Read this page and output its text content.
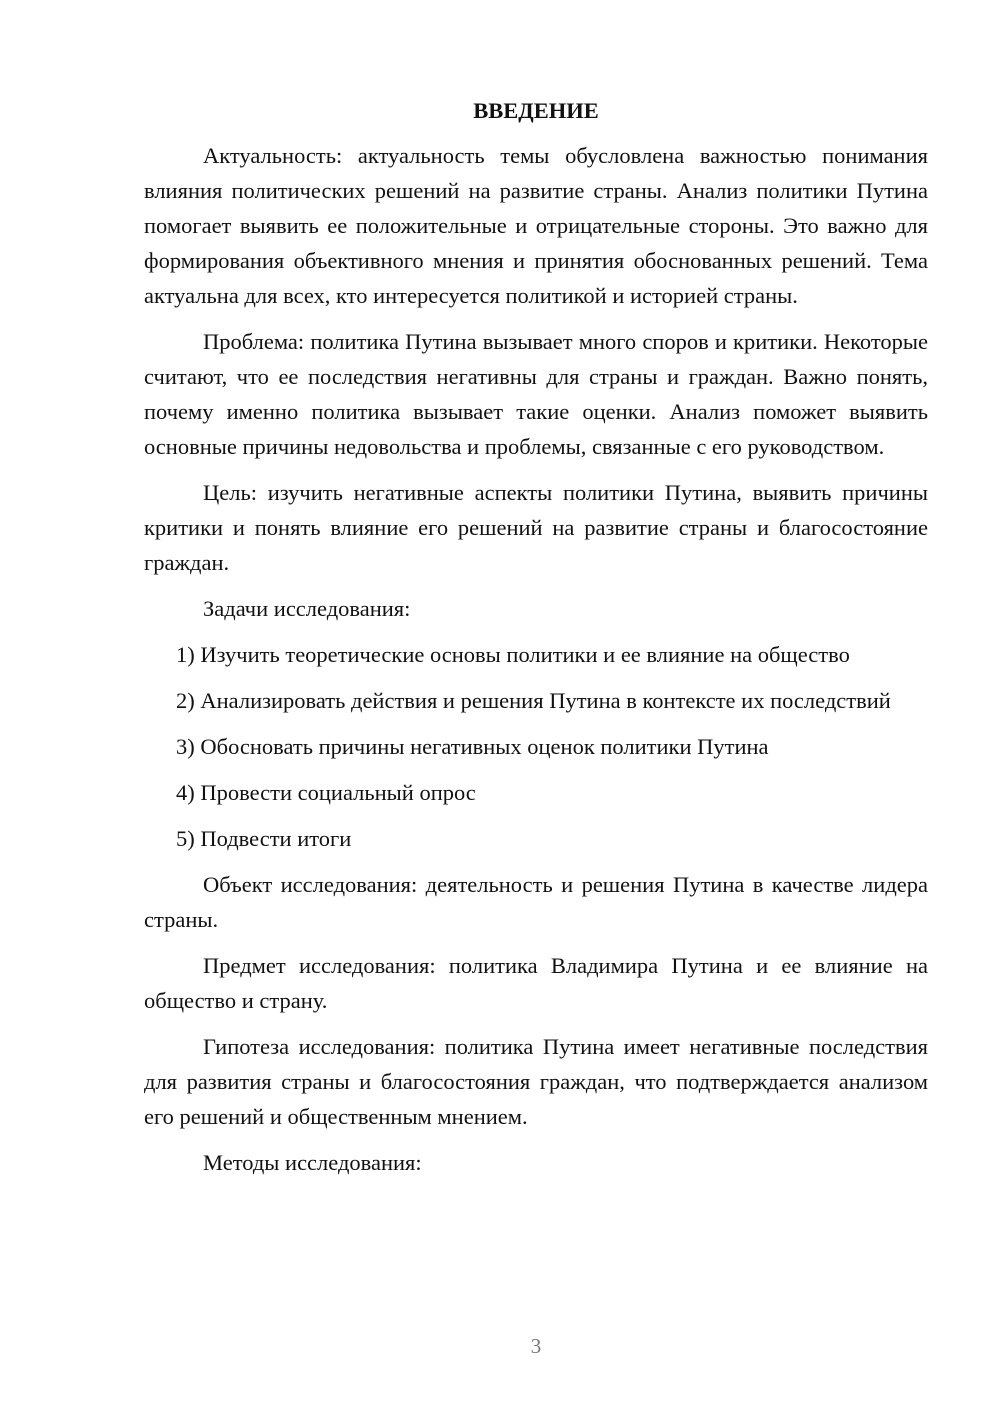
ВВЕДЕНИЕ

Актуальность: актуальность темы обусловлена важностью понимания влияния политических решений на развитие страны. Анализ политики Путина помогает выявить ее положительные и отрицательные стороны. Это важно для формирования объективного мнения и принятия обоснованных решений. Тема актуальна для всех, кто интересуется политикой и историей страны.

Проблема: политика Путина вызывает много споров и критики. Некоторые считают, что ее последствия негативны для страны и граждан. Важно понять, почему именно политика вызывает такие оценки. Анализ поможет выявить основные причины недовольства и проблемы, связанные с его руководством.

Цель: изучить негативные аспекты политики Путина, выявить причины критики и понять влияние его решений на развитие страны и благосостояние граждан.

Задачи исследования:

1) Изучить теоретические основы политики и ее влияние на общество

2) Анализировать действия и решения Путина в контексте их последствий

3) Обосновать причины негативных оценок политики Путина

4) Провести социальный опрос

5) Подвести итоги

Объект исследования: деятельность и решения Путина в качестве лидера страны.

Предмет исследования: политика Владимира Путина и ее влияние на общество и страну.

Гипотеза исследования: политика Путина имеет негативные последствия для развития страны и благосостояния граждан, что подтверждается анализом его решений и общественным мнением.

Методы исследования:

3
